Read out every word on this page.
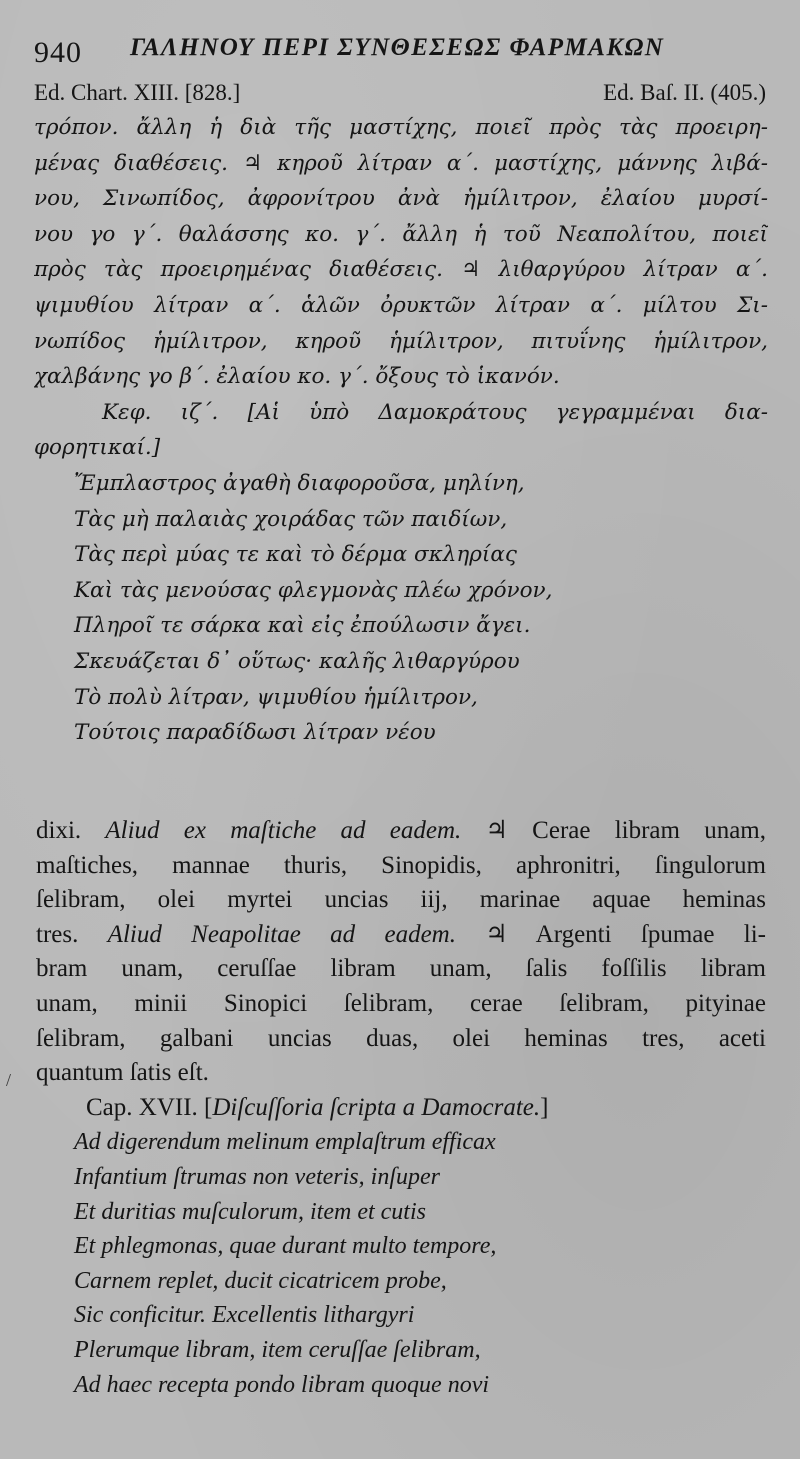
940 ΓΑΛΗΝΟΥ ΠΕΡΙ ΣΥΝΘΕΣΕΩΣ ΦΑΡΜΑΚΩΝ
Ed. Chart. XIII. [828.]	Ed. Baſ. II. (405.)
τρόπον. ἄλλη ἡ διὰ τῆς μαστίχης, ποιεῖ πρὸς τὰς προειρη-
μένας διαθέσεις. ♃ κηροῦ λίτραν α΄. μαστίχης, μάννης λιβά-
νου, Σινωπίδος, ἀφρονίτρου ἀνὰ ἡμίλιτρον, ἐλαίου μυρσί-
νου γο γ΄. θαλάσσης κο. γ΄. ἄλλη ἡ τοῦ Νεαπολίτου, ποιεῖ
πρὸς τὰς προειρημένας διαθέσεις. ♃ λιθαργύρου λίτραν α΄.
ψιμυθίου λίτραν α΄. ἁλῶν ὀρυκτῶν λίτραν α΄. μίλτου Σι-
νωπίδος ἡμίλιτρον, κηροῦ ἡμίλιτρον, πιτυΐνης ἡμίλιτρον,
χαλβάνης γο β΄. ἐλαίου κο. γ΄. ὄξους τὸ ἱκανόν.
Κεφ. ιζ΄. [Αἱ ὑπὸ Δαμοκράτους γεγραμμέναι δια-
φορητικαί.]
Ἔμπλαστρος ἀγαθὴ διαφοροῦσα, μηλίνη,
Τὰς μὴ παλαιὰς χοιράδας τῶν παιδίων,
Τὰς περὶ μύας τε καὶ τὸ δέρμα σκληρίας
Καὶ τὰς μενούσας φλεγμονὰς πλέω χρόνον,
Πληροῖ τε σάρκα καὶ εἰς ἐπούλωσιν ἄγει.
Σκευάζεται δ᾽ οὕτως· καλῆς λιθαργύρου
Τὸ πολὺ λίτραν, ψιμυθίου ἡμίλιτρον,
Τούτοις παραδίδωσι λίτραν νέου
dixi. Aliud ex maſtiche ad eadem. ♃ Cerae libram unam,
maſtiches, mannae thuris, Sinopidis, aphronitri, ſingulorum
ſelibram, olei myrtei uncias iij, marinae aquae heminas
tres. Aliud Neapolitae ad eadem. ♃ Argenti ſpumae li-
bram unam, ceruſſae libram unam, ſalis foſſilis libram
unam, minii Sinopici ſelibram, cerae ſelibram, pityinae
ſelibram, galbani uncias duas, olei heminas tres, aceti
quantum ſatis eſt.
Cap. XVII. [Diſcuſſoria ſcripta a Damocrate.]
Ad digerendum melinum emplaſtrum efficax
Infantium ſtrumas non veteris, inſuper
Et duritias muſculorum, item et cutis
Et phlegmonas, quae durant multo tempore,
Carnem replet, ducit cicatricem probe,
Sic conficitur. Excellentis lithargyri
Plerumque libram, item ceruſſae ſelibram,
Ad haec recepta pondo libram quoque novi
/
